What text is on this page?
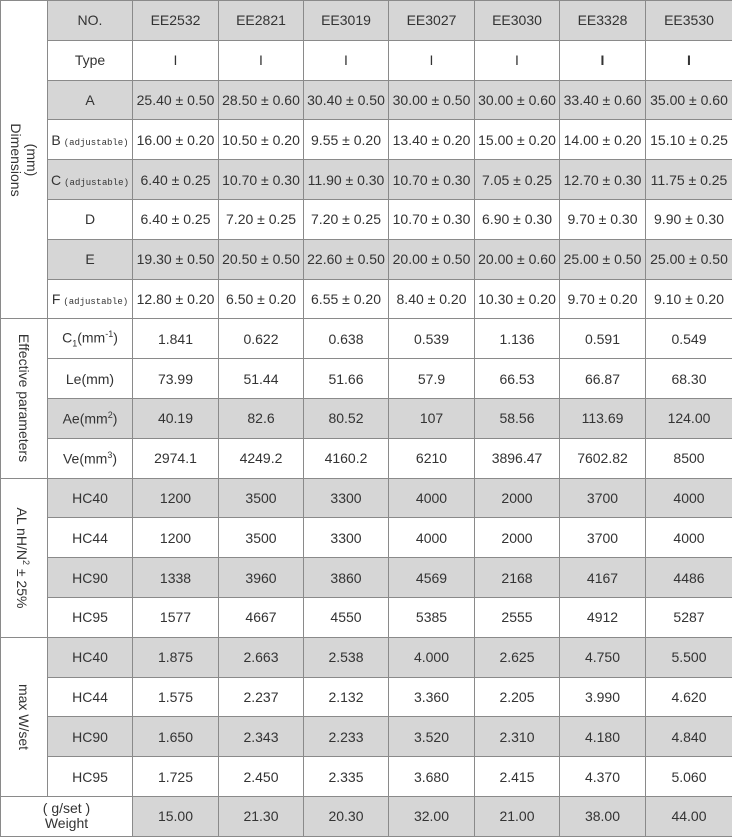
(mm)
Dimensions	NO.	EE2532	EE2821	EE3019	EE3027	EE3030	EE3328	EE3530
	Type	I	I	I	I	I	I	I
	A	25.40 ± 0.50	28.50 ± 0.60	30.40 ± 0.50	30.00 ± 0.50	30.00 ± 0.60	33.40 ± 0.60	35.00 ± 0.60
	B (adjustable)	16.00 ± 0.20	10.50 ± 0.20	9.55 ± 0.20	13.40 ± 0.20	15.00 ± 0.20	14.00 ± 0.20	15.10 ± 0.25
	C (adjustable)	6.40 ± 0.25	10.70 ± 0.30	11.90 ± 0.30	10.70 ± 0.30	7.05 ± 0.25	12.70 ± 0.30	11.75 ± 0.25
	D	6.40 ± 0.25	7.20 ± 0.25	7.20 ± 0.25	10.70 ± 0.30	6.90 ± 0.30	9.70 ± 0.30	9.90 ± 0.30
	E	19.30 ± 0.50	20.50 ± 0.50	22.60 ± 0.50	20.00 ± 0.50	20.00 ± 0.60	25.00 ± 0.50	25.00 ± 0.50
	F (adjustable)	12.80 ± 0.20	6.50 ± 0.20	6.55 ± 0.20	8.40 ± 0.20	10.30 ± 0.20	9.70 ± 0.20	9.10 ± 0.20

Effective parameters	$C_1(mm^{-1})$	1.841	0.622	0.638	0.539	1.136	0.591	0.549
	Le(mm)	73.99	51.44	51.66	57.9	66.53	66.87	68.30
	$Ae(mm^2)$	40.19	82.6	80.52	107	58.56	113.69	124.00
	$Ve(mm^3)$	2974.1	4249.2	4160.2	6210	3896.47	7602.82	8500

AL $nH/N^2 \pm 25\%$	HC40	1200	3500	3300	4000	2000	3700	4000
	HC44	1200	3500	3300	4000	2000	3700	4000
	HC90	1338	3960	3860	4569	2168	4167	4486
	HC95	1577	4667	4550	5385	2555	4912	5287

max W/set	HC40	1.875	2.663	2.538	4.000	2.625	4.750	5.500
	HC44	1.575	2.237	2.132	3.360	2.205	3.990	4.620
	HC90	1.650	2.343	2.233	3.520	2.310	4.180	4.840
	HC95	1.725	2.450	2.335	3.680	2.415	4.370	5.060

( g/set )
Weight		15.00	21.30	20.30	32.00	21.00	38.00	44.00
